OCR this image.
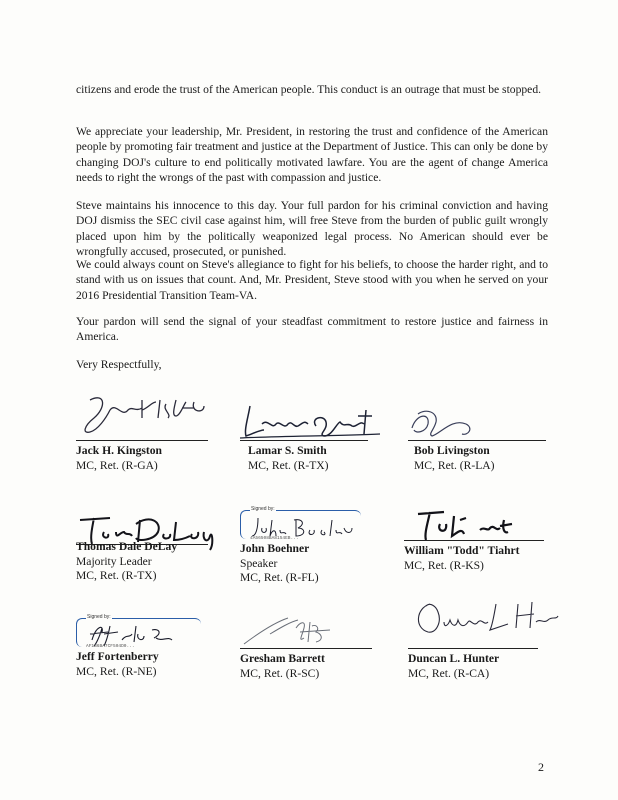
citizens and erode the trust of the American people. This conduct is an outrage that must be stopped.

We appreciate your leadership, Mr. President, in restoring the trust and confidence of the American people by promoting fair treatment and justice at the Department of Justice. This can only be done by changing DOJ's culture to end politically motivated lawfare. You are the agent of change America needs to right the wrongs of the past with compassion and justice.

Steve maintains his innocence to this day. Your full pardon for his criminal conviction and having DOJ dismiss the SEC civil case against him, will free Steve from the burden of public guilt wrongly placed upon him by the politically weaponized legal process. No American should ever be wrongfully accused, prosecuted, or punished.

We could always count on Steve's allegiance to fight for his beliefs, to choose the harder right, and to stand with us on issues that count. And, Mr. President, Steve stood with you when he served on your 2016 Presidential Transition Team-VA.

Your pardon will send the signal of your steadfast commitment to restore justice and fairness in America.

Very Respectfully,

Jack H. Kingston
MC, Ret. (R-GA)
Lamar S. Smith
MC, Ret. (R-TX)
Bob Livingston
MC, Ret. (R-LA)
Thomas Dale DeLay
Majority Leader
MC, Ret. (R-TX)
Signed by:
4A56508BA8154EB...
John Boehner
Speaker
MC, Ret. (R-FL)
William "Todd" Tiahrt
MC, Ret. (R-KS)
Signed by:
AF1B6BA7CF504D0...
Jeff Fortenberry
MC, Ret. (R-NE)
Gresham Barrett
MC, Ret. (R-SC)
Duncan L. Hunter
MC, Ret. (R-CA)
2
